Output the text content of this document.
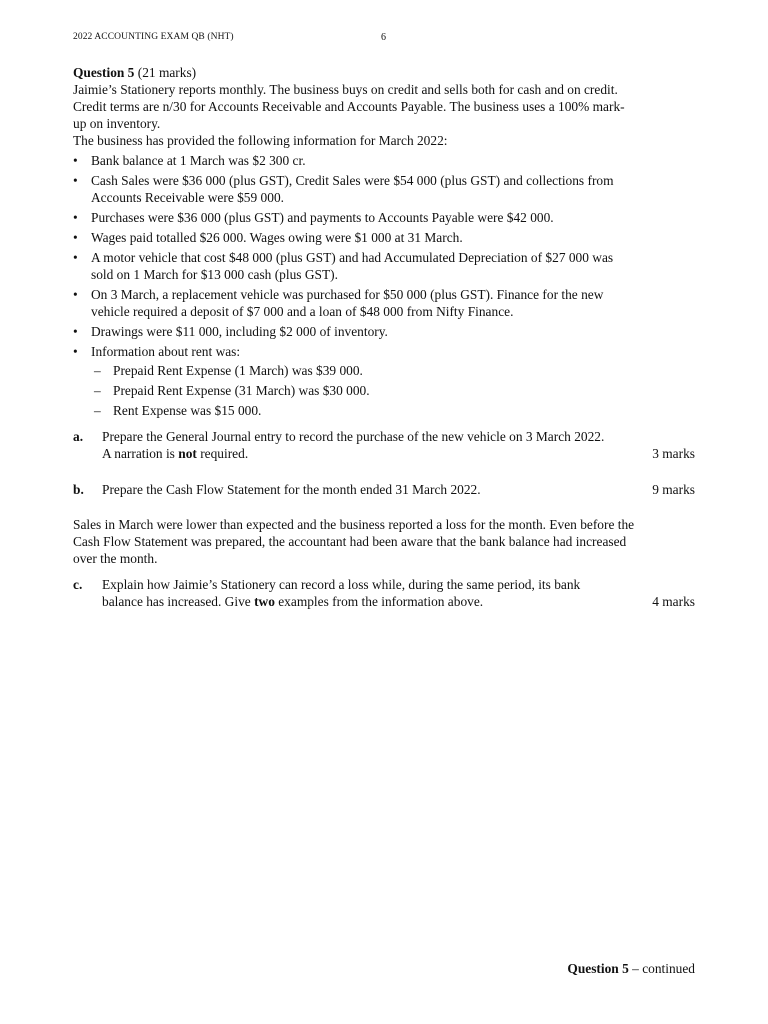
2022 ACCOUNTING EXAM QB (NHT)	6

Question 5 (21 marks)

Jaimie’s Stationery reports monthly. The business buys on credit and sells both for cash and on credit. Credit terms are n/30 for Accounts Receivable and Accounts Payable. The business uses a 100% mark-up on inventory.

The business has provided the following information for March 2022:

• Bank balance at 1 March was $2 300 cr.
• Cash Sales were $36 000 (plus GST), Credit Sales were $54 000 (plus GST) and collections from Accounts Receivable were $59 000.
• Purchases were $36 000 (plus GST) and payments to Accounts Payable were $42 000.
• Wages paid totalled $26 000. Wages owing were $1 000 at 31 March.
• A motor vehicle that cost $48 000 (plus GST) and had Accumulated Depreciation of $27 000 was sold on 1 March for $13 000 cash (plus GST).
• On 3 March, a replacement vehicle was purchased for $50 000 (plus GST). Finance for the new vehicle required a deposit of $7 000 and a loan of $48 000 from Nifty Finance.
• Drawings were $11 000, including $2 000 of inventory.
• Information about rent was:
– Prepaid Rent Expense (1 March) was $39 000.
– Prepaid Rent Expense (31 March) was $30 000.
– Rent Expense was $15 000.
a. Prepare the General Journal entry to record the purchase of the new vehicle on 3 March 2022.
A narration is not required.	3 marks
b. Prepare the Cash Flow Statement for the month ended 31 March 2022.	9 marks

Sales in March were lower than expected and the business reported a loss for the month. Even before the Cash Flow Statement was prepared, the accountant had been aware that the bank balance had increased over the month.

c. Explain how Jaimie’s Stationery can record a loss while, during the same period, its bank
balance has increased. Give two examples from the information above.	4 marks
Question 5 – continued
